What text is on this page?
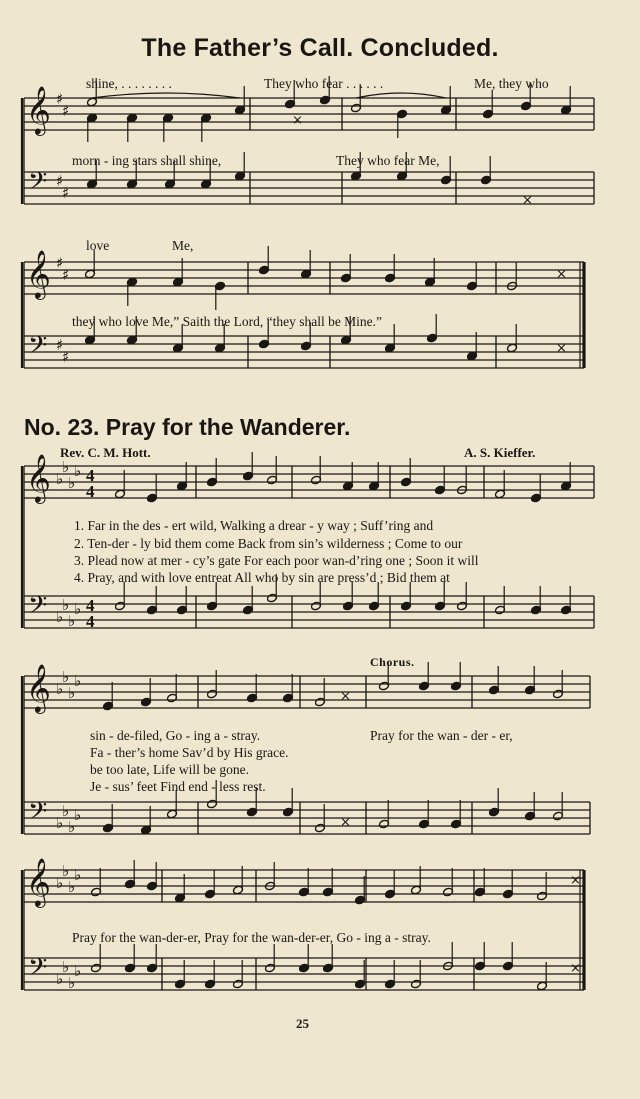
The Father’s Call. Concluded.
shine, . . . . . . . .	They who fear . . . . . .	Me, they who
morn - ing stars shall shine,	They who fear Me,
love	Me,
they who love Me,” Saith the Lord, “they shall be Mine.”
No. 23. Pray for the Wanderer.
Rev. C. M. Hott.	A. S. Kieffer.
1. Far in the des - ert wild, Walking a drear - y way ; Suff’ring and
2. Ten-der - ly bid them come Back from sin’s wilderness ; Come to our
3. Plead now at mer - cy’s gate For each poor wan-d’ring one ; Soon it will
4. Pray, and with love entreat All who by sin are press’d ; Bid them at
Chorus.
sin - de-filed, Go - ing a - stray.
Fa - ther’s home Sav’d by His grace.
be too late, Life will be gone.
Je - sus’ feet Find end - less rest.
Pray for the wan - der - er,
Pray for the wan-der-er, Pray for the wan-der-er, Go - ing a - stray.
25
𝄞
𝄢
♯
♯
♯
♯
⨯
⨯
𝄞
𝄢
♯
♯
♯
♯
⨯
⨯
𝄞
𝄢
♭
♭
♭
♭
♭
♭
♭
♭
4
4
4
4
𝄞
𝄢
♭
♭
♭
♭
♭
♭
♭
♭
⨯
⨯
𝄞
𝄢
♭
♭
♭
♭
♭
♭
♭
♭
⨯
⨯
